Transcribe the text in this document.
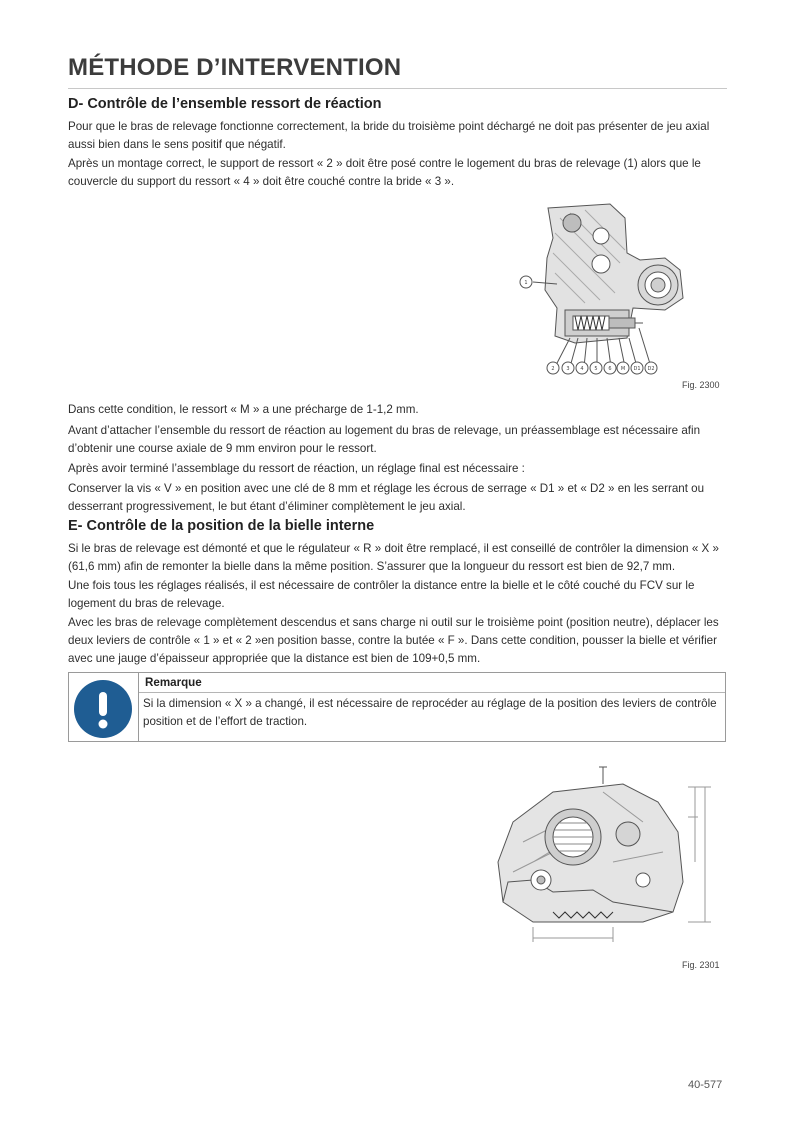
MÉTHODE D’INTERVENTION
D- Contrôle de l’ensemble ressort de réaction
Pour que le bras de relevage fonctionne correctement, la bride du troisième point déchargé ne doit pas présenter de jeu axial aussi bien dans le sens positif que négatif.
Après un montage correct, le support de ressort « 2 » doit être posé contre le logement du bras de relevage (1) alors que le couvercle du support du ressort « 4 » doit être couché contre la bride « 3 ».
1
2 3 4 5 6 M D1 D2
Fig. 2300
Dans cette condition, le ressort « M » a une précharge de 1-1,2 mm.
Avant d’attacher l’ensemble du ressort de réaction au logement du bras de relevage, un préassemblage est nécessaire afin d’obtenir une course axiale de 9 mm environ pour le ressort.
Après avoir terminé l’assemblage du ressort de réaction, un réglage final est nécessaire :
Conserver la vis « V » en position avec une clé de 8 mm et réglage les écrous de serrage « D1 » et « D2 » en les serrant ou desserrant progressivement, le but étant d’éliminer complètement le jeu axial.
E- Contrôle de la position de la bielle interne
Si le bras de relevage est démonté et que le régulateur « R » doit être remplacé, il est conseillé de contrôler la dimension « X » (61,6 mm) afin de remonter la bielle dans la même position. S’assurer que la longueur du ressort est bien de 92,7 mm.
Une fois tous les réglages réalisés, il est nécessaire de contrôler la distance entre la bielle et le côté couché du FCV sur le logement du bras de relevage.
Avec les bras de relevage complètement descendus et sans charge ni outil sur le troisième point (position neutre), déplacer les deux leviers de contrôle « 1 » et « 2 »en position basse, contre la butée « F ». Dans cette condition, pousser la bielle et vérifier avec une jauge d’épaisseur appropriée que la distance est bien de 109+0,5 mm.
Remarque
Si la dimension « X » a changé, il est nécessaire de reprocéder au réglage de la position des leviers de contrôle position et de l’effort de traction.
Fig. 2301
40-577
